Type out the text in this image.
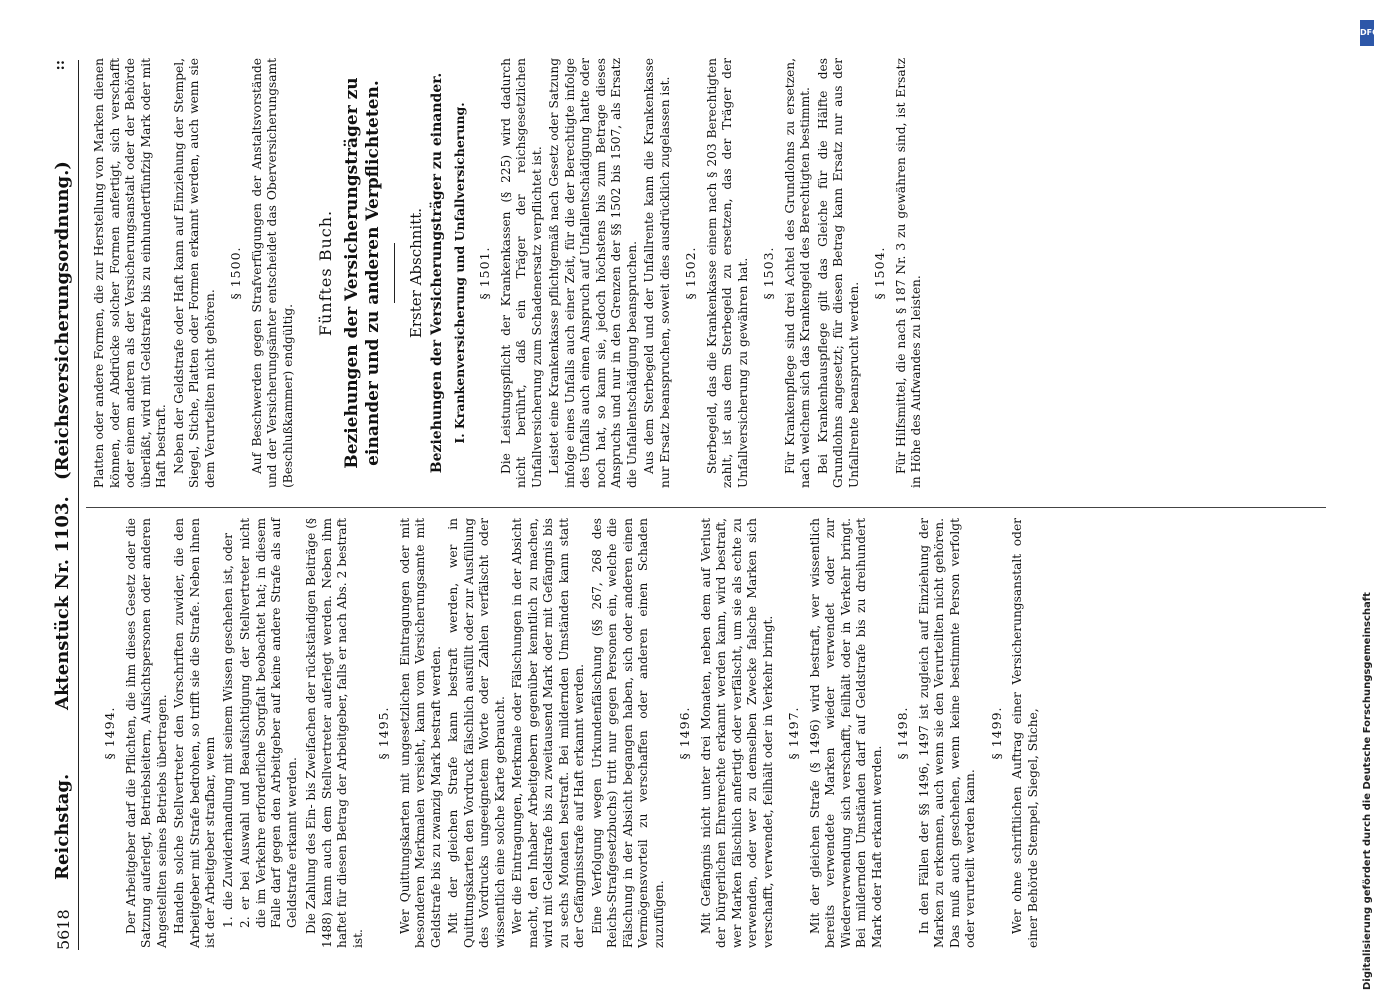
5618
Reichstag.
Aktenstück Nr. 1103.
(Reichsversicherungsordnung.)
::
§ 1494. Der Arbeitgeber darf die Pflichten, die ihm dieses Gesetz oder die Satzung auferlegt, Betriebsleitern, Aufsichtspersonen oder anderen Angestellten seines Betriebs übertragen. Handeln solche Stellvertreter den Vorschriften zuwider, die den Arbeitgeber mit Strafe bedrohen, so trifft sie die Strafe. Neben ihnen ist der Arbeitgeber strafbar, wenn 1.die Zuwiderhandlung mit seinem Wissen geschehen ist, oder
2.er bei Auswahl und Beaufsichtigung der Stellvertreter nicht die im Verkehre erforderliche Sorgfalt beobachtet hat; in diesem Falle darf gegen den Arbeitgeber auf keine andere Strafe als auf Geldstrafe erkannt werden. Die Zahlung des Ein- bis Zweifachen der rückständigen Beiträge (§ 1488) kann auch dem Stellvertreter auferlegt werden. Neben ihm haftet für diesen Betrag der Arbeitgeber, falls er nach Abs. 2 bestraft ist.

§ 1495. Wer Quittungskarten mit ungesetzlichen Eintragungen oder mit besonderen Merkmalen versieht, kann vom Versicherungsamte mit Geldstrafe bis zu zwanzig Mark bestraft werden. Mit der gleichen Strafe kann bestraft werden, wer in Quittungskarten den Vordruck fälschlich ausfüllt oder zur Ausfüllung des Vordrucks ungeeignetem Worte oder Zahlen verfälscht oder wissentlich eine solche Karte gebraucht. Wer die Eintragungen, Merkmale oder Fälschungen in der Absicht macht, den Inhaber Arbeitgebern gegenüber kenntlich zu machen, wird mit Geldstrafe bis zu zweitausend Mark oder mit Gefängnis bis zu sechs Monaten bestraft. Bei mildernden Umständen kann statt der Gefängnisstrafe auf Haft erkannt werden. Eine Verfolgung wegen Urkundenfälschung (§§ 267, 268 des Reichs-Strafgesetzbuchs) tritt nur gegen Personen ein, welche die Fälschung in der Absicht begangen haben, sich oder anderen einen Vermögensvorteil zu verschaffen oder anderen einen Schaden zuzufügen.

§ 1496. Mit Gefängnis nicht unter drei Monaten, neben dem auf Verlust der bürgerlichen Ehrenrechte erkannt werden kann, wird bestraft, wer Marken fälschlich anfertigt oder verfälscht, um sie als echte zu verwenden, oder wer zu demselben Zwecke falsche Marken sich verschafft, verwendet, feilhält oder in Verkehr bringt. § 1497. Mit der gleichen Strafe (§ 1496) wird bestraft, wer wissentlich bereits verwendete Marken wieder verwendet oder zur Wiederverwendung sich verschafft, feilhält oder in Verkehr bringt. Bei mildernden Umständen darf auf Geldstrafe bis zu dreihundert Mark oder Haft erkannt werden.

§ 1498. In den Fällen der §§ 1496, 1497 ist zugleich auf Einziehung der Marken zu erkennen, auch wenn sie den Verurteilten nicht gehören. Das muß auch geschehen, wenn keine bestimmte Person verfolgt oder verurteilt werden kann.

§ 1499. Wer ohne schriftlichen Auftrag einer Versicherungsanstalt oder einer Behörde Stempel, Siegel, Stiche,

Platten oder andere Formen, die zur Herstellung von Marken dienen können, oder Abdrücke solcher Formen anfertigt, sich verschafft oder einem anderen als der Versicherungsanstalt oder der Behörde überläßt, wird mit Geldstrafe bis zu einhundertfünfzig Mark oder mit Haft bestraft. Neben der Geldstrafe oder Haft kann auf Einziehung der Stempel, Siegel, Stiche, Platten oder Formen erkannt werden, auch wenn sie dem Verurteilten nicht gehören.

§ 1500. Auf Beschwerden gegen Strafverfügungen der Anstaltsvorstände und der Versicherungsämter entscheidet das Oberversicherungsamt (Beschlußkammer) endgültig.

Fünftes Buch. Beziehungen der Versicherungsträger zu einander und zu anderen Verpflichteten. Erster Abschnitt. Beziehungen der Versicherungsträger zu einander. I. Krankenversicherung und Unfallversicherung. § 1501. Die Leistungspflicht der Krankenkassen (§ 225) wird dadurch nicht berührt, daß ein Träger der reichsgesetzlichen Unfallversicherung zum Schadenersatz verpflichtet ist. Leistet eine Krankenkasse pflichtgemäß nach Gesetz oder Satzung infolge eines Unfalls auch einer Zeit, für die der Berechtigte infolge des Unfalls auch einen Anspruch auf Unfallentschädigung hatte oder noch hat, so kann sie, jedoch höchstens bis zum Betrage dieses Anspruchs und nur in den Grenzen der §§ 1502 bis 1507, als Ersatz die Unfallentschädigung beanspruchen. Aus dem Sterbegeld und der Unfallrente kann die Krankenkasse nur Ersatz beanspruchen, soweit dies ausdrücklich zugelassen ist. § 1502. Sterbegeld, das die Krankenkasse einem nach § 203 Berechtigten zahlt, ist aus dem Sterbegeld zu ersetzen, das der Träger der Unfallversicherung zu gewähren hat. § 1503. Für Krankenpflege sind drei Achtel des Grundlohns zu ersetzen, nach welchem sich das Krankengeld des Berechtigten bestimmt. Bei Krankenhauspflege gilt das Gleiche für die Hälfte des Grundlohns angesetzt; für diesen Betrag kann Ersatz nur aus der Unfallrente beansprucht werden.

§ 1504. Für Hilfsmittel, die nach § 187 Nr. 3 zu gewähren sind, ist Ersatz in Höhe des Aufwandes zu leisten.

DFG
Digitalisierung gefördert durch die Deutsche Forschungsgemeinschaft
